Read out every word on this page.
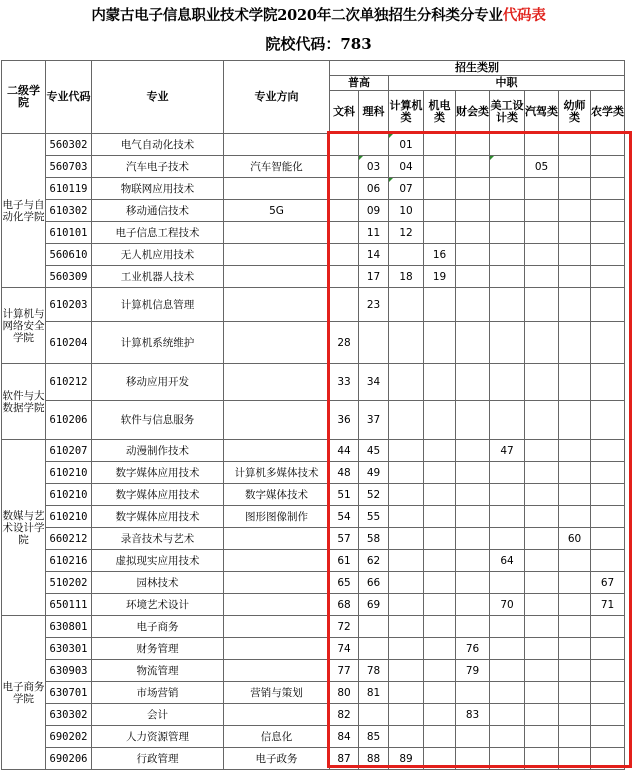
内蒙古电子信息职业技术学院2020年二次单独招生分科类分专业代码表
院校代码：783
二级学院	专业代码	专业	专业方向	招生类别								
				普高		中职						
				文科	理科	计算机类	机电类	财会类	美工设计类	汽驾类	幼师类	农学类

电子与自动化学院	560302	电气自动化技术				01						
	560703	汽车电子技术	汽车智能化		03	04				05		
	610119	物联网应用技术			06	07						
	610302	移动通信技术	5G		09	10						
	610101	电子信息工程技术			11	12						
	560610	无人机应用技术			14		16					
	560309	工业机器人技术			17	18	19					
计算机与网络安全学院	610203	计算机信息管理			23							
	610204	计算机系统维护		28								
软件与大数据学院	610212	移动应用开发		33	34							
	610206	软件与信息服务		36	37							
数媒与艺术设计学院	610207	动漫制作技术		44	45				47			
	610210	数字媒体应用技术	计算机多媒体技术	48	49							
	610210	数字媒体应用技术	数字媒体技术	51	52							
	610210	数字媒体应用技术	图形图像制作	54	55							
	660212	录音技术与艺术		57	58						60	
	610216	虚拟现实应用技术		61	62				64			
	510202	园林技术		65	66							67
	650111	环境艺术设计		68	69				70			71
电子商务学院	630801	电子商务		72								
	630301	财务管理		74				76				
	630903	物流管理		77	78			79				
	630701	市场营销	营销与策划	80	81							
	630302	会计		82				83				
	690202	人力资源管理	信息化	84	85							
	690206	行政管理	电子政务	87	88	89						
